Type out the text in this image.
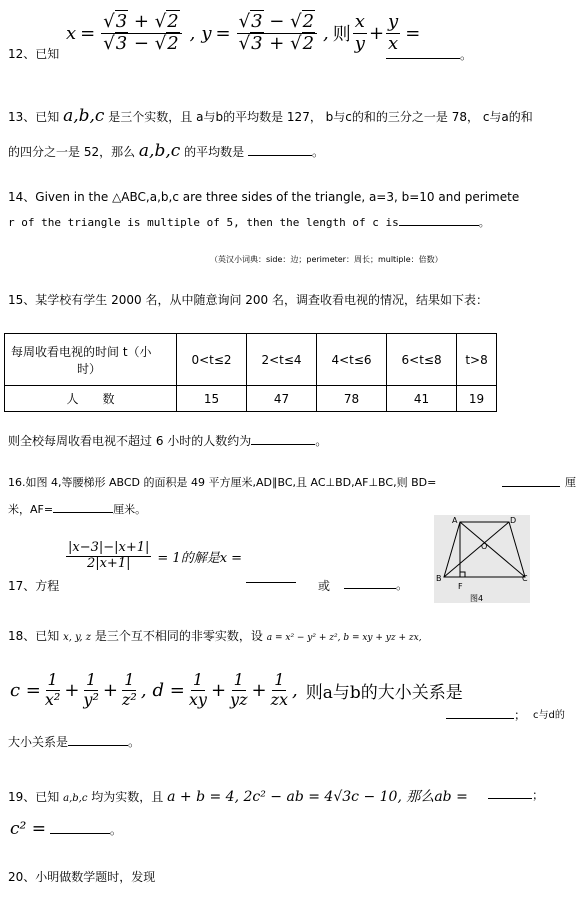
12、已知
$x = \frac{√3 + √2}{√3 - √2}$ , $y = \frac{√3 - √2}{√3 + √2}$ , 则 $\frac{x}{y} + \frac{y}{x}$ =
。
13、已知 a,b,c 是三个实数，且 a与b的平均数是 127， b与c的和的三分之一是 78， c与a的和
的四分之一是 52，那么 a,b,c 的平均数是	。
14、Given in the △ABC,a,b,c are three sides of the triangle, a=3, b=10 and perimete
r of the triangle is multiple of 5, then the length of c is	。
（英汉小词典：side：边；perimeter：周长；multiple：倍数）
15、某学校有学生 2000 名，从中随意询问 200 名，调查收看电视的情况，结果如下表：
每周收看电视的时间 t（小
时）	0<t≤2	2<t≤4	4<t≤6	6<t≤8	t>8
人　　数	15	47	78	41	19
则全校每周收看电视不超过 6 小时的人数约为	。
16.如图 4,等腰梯形 ABCD 的面积是 49 平方厘米,AD∥BC,且 AC⊥BD,AF⊥BC,则 BD=	厘
米，AF=	厘米。
A	D
O
B	C
F
图4
17、方程
$\frac{|x-3|-|x+1|}{2|x+1|} = 1$的解是x =
或	。
18、已知 x, y, z 是三个互不相同的非零实数，设 a = x² − y² + z², b = xy + yz + zx,
$c = \frac{1}{\text{x²}} + \frac{1}{\text{y²}} + \frac{1}{\text{z²}}$ , $d = \frac{1}{xy} + \frac{1}{yz} + \frac{1}{zx}$ , 则a与b的大小关系是
； c与d的
大小关系是	。
19、已知 a,b,c 均为实数，且 a + b = 4, 2c² − ab = 4√3c − 10, 那么ab =	；
c² =	。
20、小明做数学题时，发现
